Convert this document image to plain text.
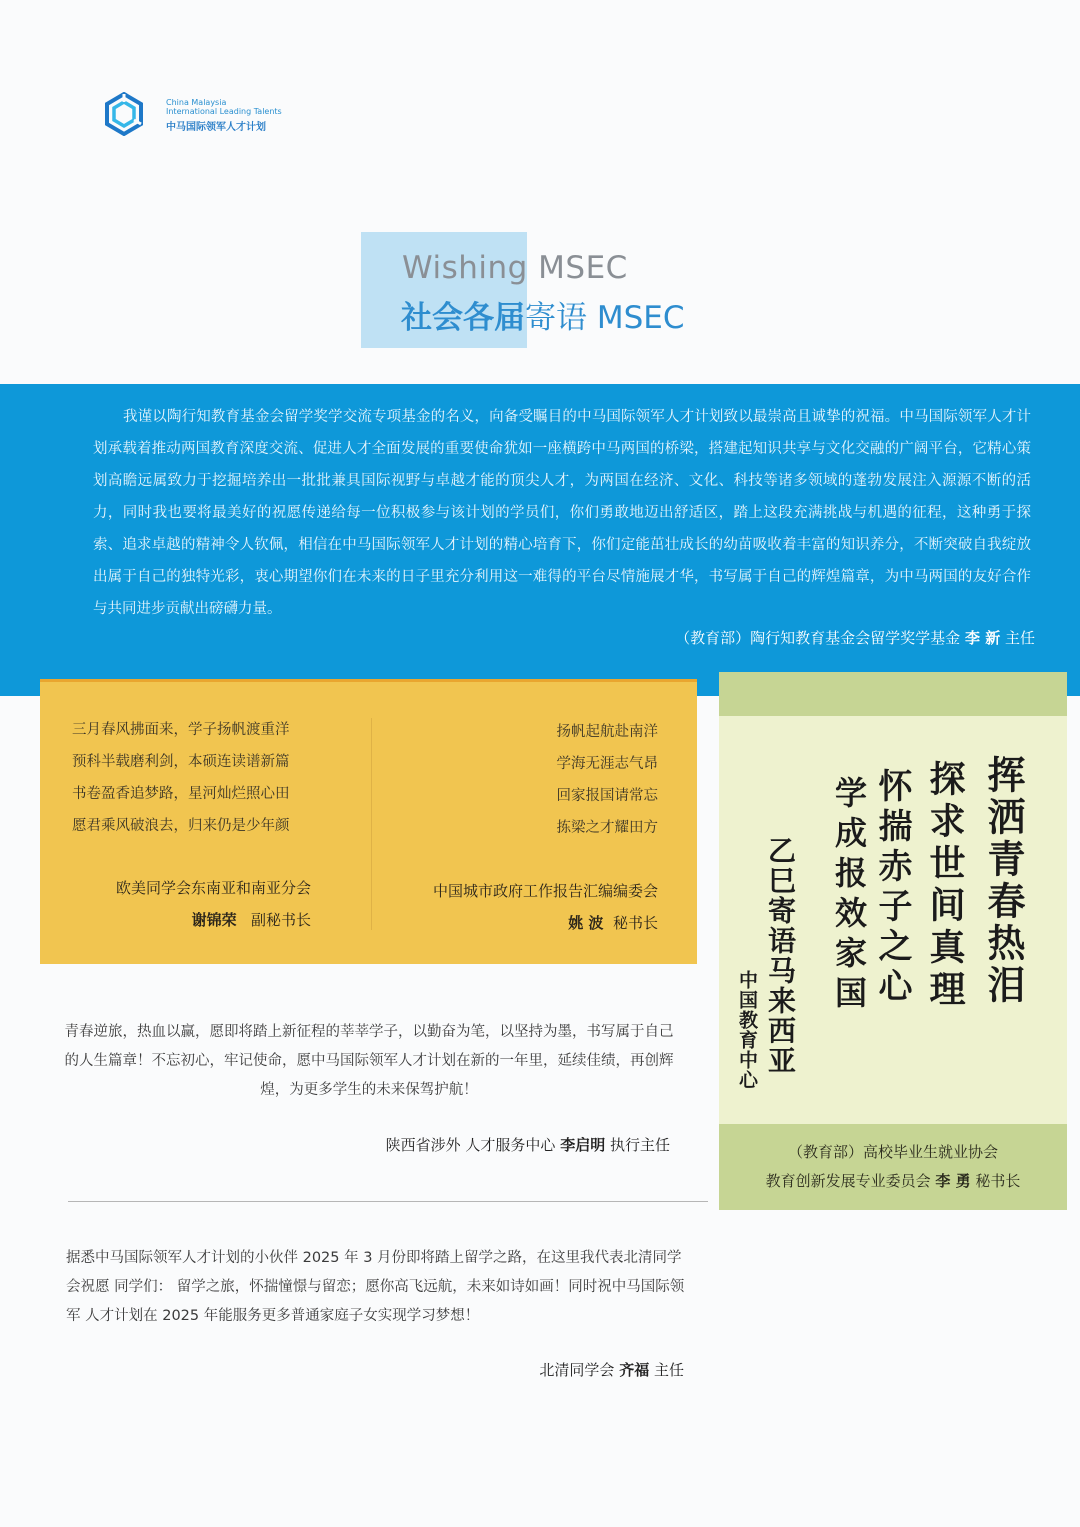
China Malaysia
International Leading Talents
中马国际领军人才计划
Wishing MSEC
社会各届寄语 MSEC
我谨以陶行知教育基金会留学奖学交流专项基金的名义，向备受瞩目的中马国际领军人才计划致以最崇高且诚挚的祝福。中马国际领军人才计划承载着推动两国教育深度交流、促进人才全面发展的重要使命犹如一座横跨中马两国的桥梁，搭建起知识共享与文化交融的广阔平台，它精心策划高瞻远属致力于挖掘培养出一批批兼具国际视野与卓越才能的顶尖人才，为两国在经济、文化、科技等诸多领域的蓬勃发展注入源源不断的活力，同时我也要将最美好的祝愿传递给每一位积极参与该计划的学员们，你们勇敢地迈出舒适区，踏上这段充满挑战与机遇的征程，这种勇于探索、追求卓越的精神令人钦佩，相信在中马国际领军人才计划的精心培育下，你们定能茁壮成长的幼苗吸收着丰富的知识养分，不断突破自我绽放出属于自己的独特光彩，衷心期望你们在未来的日子里充分利用这一难得的平台尽情施展才华，书写属于自己的辉煌篇章，为中马两国的友好合作与共同进步贡献出磅礴力量。
（教育部）陶行知教育基金会留学奖学基金 李 新 主任
三月春风拂面来，学子扬帆渡重洋
预科半载磨利剑，本硕连读谱新篇
书卷盈香追梦路，星河灿烂照心田
愿君乘风破浪去，归来仍是少年颜
扬帆起航赴南洋
学海无涯志气昂
回家报国请常忘
拣梁之才耀田方
欧美同学会东南亚和南亚分会
谢锦荣 副秘书长
中国城市政府工作报告汇编编委会
姚 波 秘书长	挥洒青春热泪
探求世间真理
怀揣赤子之心
学成报效家国
乙巳寄语马来西亚
中国教育中心
（教育部）高校毕业生就业协会
教育创新发展专业委员会 李 勇 秘书长
青春逆旅，热血以赢，愿即将踏上新征程的莘莘学子，以勤奋为笔，以坚持为墨，书写属于自己的人生篇章！不忘初心，牢记使命，愿中马国际领军人才计划在新的一年里，延续佳绩，再创辉煌，为更多学生的未来保驾护航！
陕西省涉外 人才服务中心 李启明 执行主任
据悉中马国际领军人才计划的小伙伴 2025 年 3 月份即将踏上留学之路，在这里我代表北清同学会祝愿 同学们： 留学之旅，怀揣憧憬与留恋；愿你高飞远航，未来如诗如画！同时祝中马国际领军 人才计划在 2025 年能服务更多普通家庭子女实现学习梦想！
北清同学会 齐福 主任
